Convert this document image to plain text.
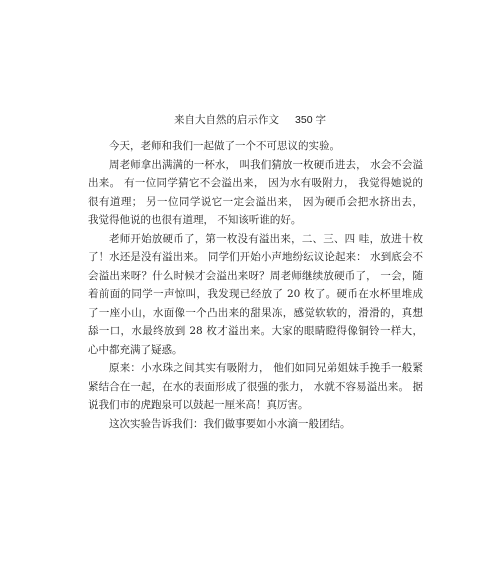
来自大自然的启示作文 350 字

今天，老师和我们一起做了一个不可思议的实验。

周老师拿出满满的一杯水， 叫我们猜放一枚硬币进去， 水会不会溢出来。 有一位同学猜它不会溢出来， 因为水有吸附力， 我觉得她说的很有道理； 另一位同学说它一定会溢出来， 因为硬币会把水挤出去， 我觉得他说的也很有道理， 不知该听谁的好。

老师开始放硬币了，第一枚没有溢出来，二、三、四 哇，放进十枚了！水还是没有溢出来。 同学们开始小声地纷纭议论起来： 水到底会不会溢出来呀？什么时候才会溢出来呀？周老师继续放硬币了， 一会，随着前面的同学一声惊叫，我发现已经放了 20 枚了。硬币在水杯里堆成了一座小山，水面像一个凸出来的甜果冻，感觉软软的，滑滑的，真想舔一口，水最终放到 28 枚才溢出来。大家的眼睛瞪得像铜铃一样大，心中都充满了疑惑。

原来：小水珠之间其实有吸附力， 他们如同兄弟姐妹手挽手一般紧紧结合在一起，在水的表面形成了很强的张力， 水就不容易溢出来。 据说我们市的虎跑泉可以鼓起一厘米高！真厉害。

这次实验告诉我们：我们做事要如小水滴一般团结。
